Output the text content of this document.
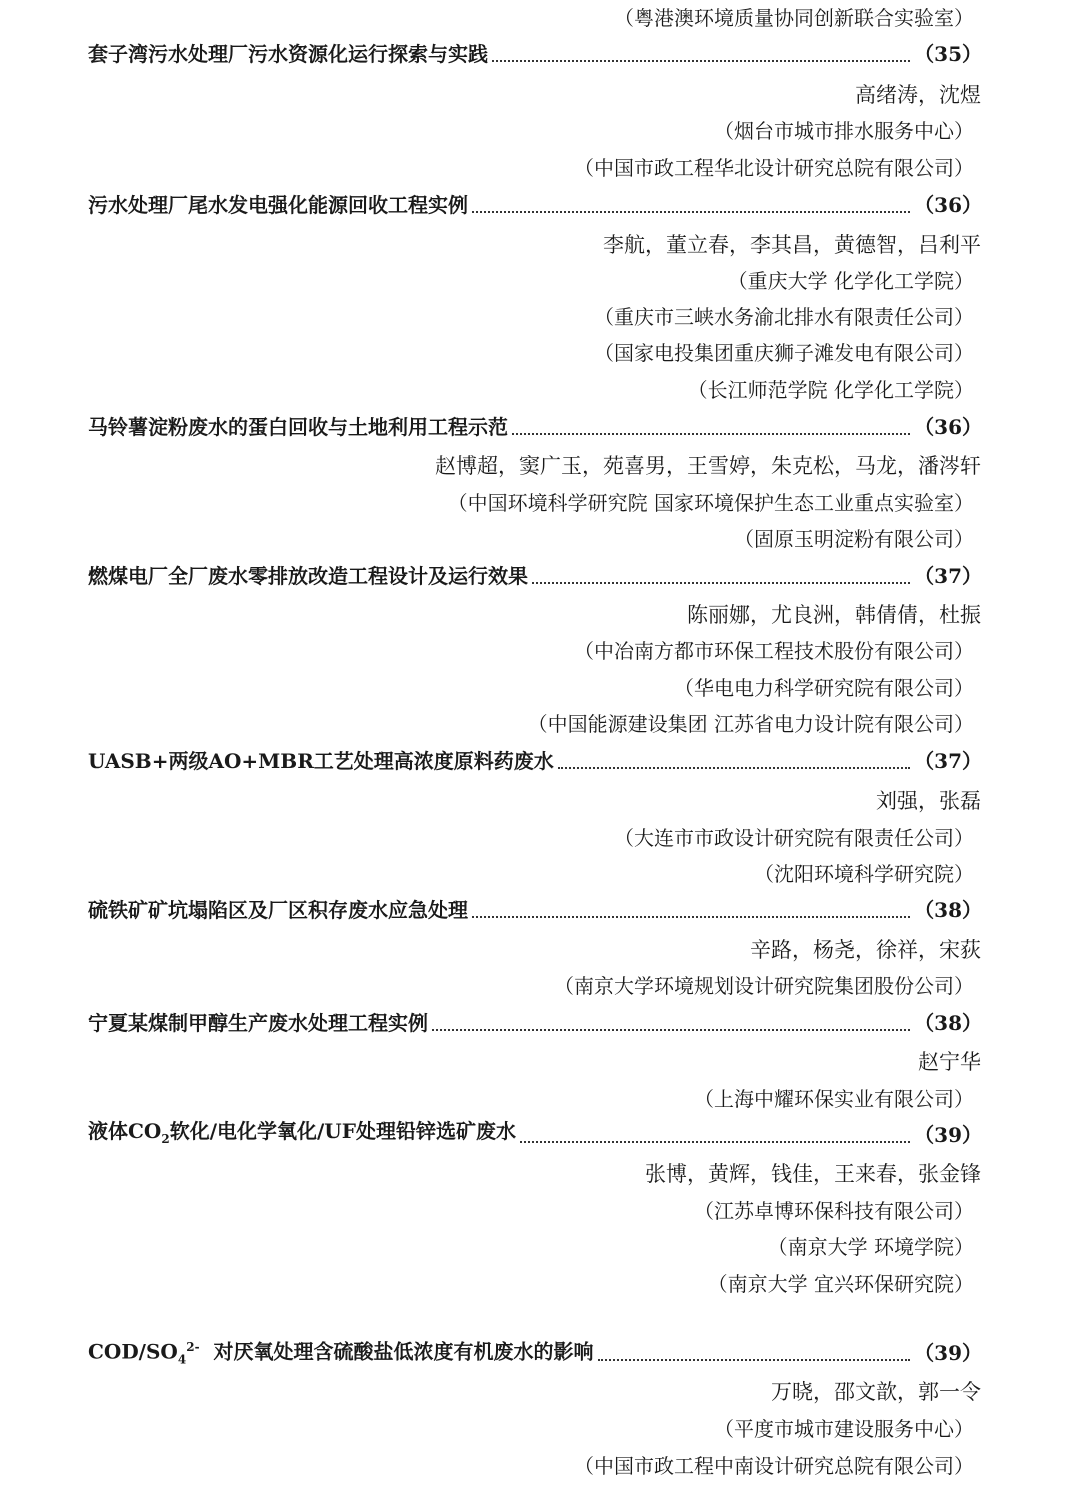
（粤港澳环境质量协同创新联合实验室）
套子湾污水处理厂污水资源化运行探索与实践	（35）
高绪涛，沈煜
（烟台市城市排水服务中心）
（中国市政工程华北设计研究总院有限公司）
污水处理厂尾水发电强化能源回收工程实例	（36）
李航，董立春，李其昌，黄德智，吕利平
（重庆大学 化学化工学院）
（重庆市三峡水务渝北排水有限责任公司）
（国家电投集团重庆狮子滩发电有限公司）
（长江师范学院 化学化工学院）
马铃薯淀粉废水的蛋白回收与土地利用工程示范	（36）
赵博超，窦广玉，苑喜男，王雪婷，朱克松，马龙，潘涔轩
（中国环境科学研究院 国家环境保护生态工业重点实验室）
（固原玉明淀粉有限公司）
燃煤电厂全厂废水零排放改造工程设计及运行效果	（37）
陈丽娜，尤良洲，韩倩倩，杜振
（中冶南方都市环保工程技术股份有限公司）
（华电电力科学研究院有限公司）
（中国能源建设集团 江苏省电力设计院有限公司）
UASB+两级AO+MBR工艺处理高浓度原料药废水	（37）
刘强，张磊
（大连市市政设计研究院有限责任公司）
（沈阳环境科学研究院）
硫铁矿矿坑塌陷区及厂区积存废水应急处理	（38）
辛路，杨尧，徐祥，宋荻
（南京大学环境规划设计研究院集团股份公司）
宁夏某煤制甲醇生产废水处理工程实例	（38）
赵宁华
（上海中耀环保实业有限公司）
液体$CO_2$软化/电化学氧化/UF处理铅锌选矿废水	（39）
张博，黄辉，钱佳，王来春，张金锋
（江苏卓博环保科技有限公司）
（南京大学 环境学院）
（南京大学 宜兴环保研究院）
COD/$SO_4^{2-}$  对厌氧处理含硫酸盐低浓度有机废水的影响	（39）
万晓，邵文歆，郭一令
（平度市城市建设服务中心）
（中国市政工程中南设计研究总院有限公司）
